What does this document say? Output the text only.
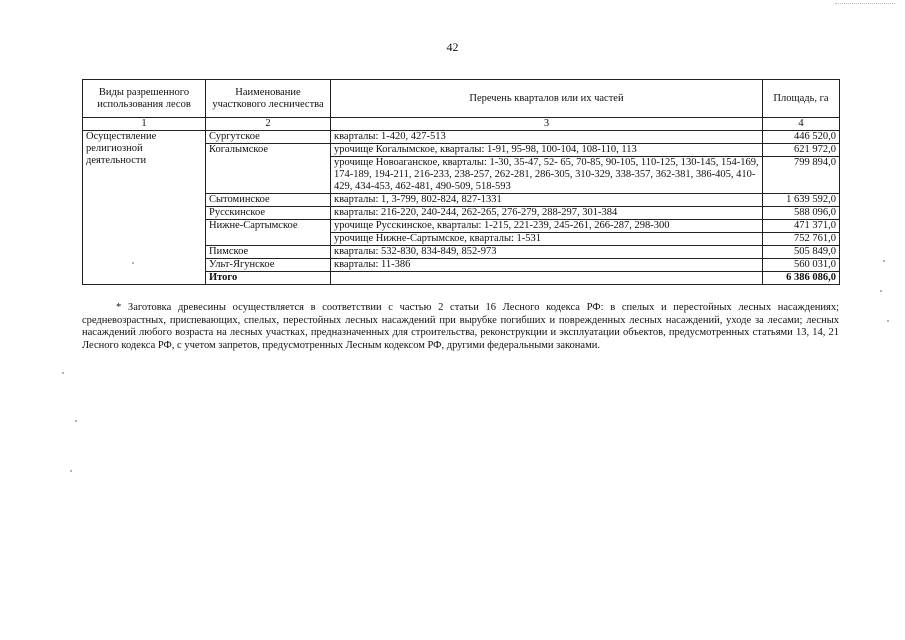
42
Виды разрешенного использования лесов	Наименование участкового лесничества	Перечень кварталов или их частей	Площадь, га
1	2	3	4
Осуществление религиозной деятельности	Сургутское	кварталы: 1-420, 427-513	446 520,0
	Когалымское	урочище Когалымское, кварталы: 1-91, 95-98, 100-104, 108-110, 113	621 972,0
		урочище Новоаганское, кварталы: 1-30, 35-47, 52- 65, 70-85, 90-105, 110-125, 130-145, 154-169, 174-189, 194-211, 216-233, 238-257, 262-281, 286-305, 310-329, 338-357, 362-381, 386-405, 410-429, 434-453, 462-481, 490-509, 518-593	799 894,0
	Сытоминское	кварталы: 1, 3-799, 802-824, 827-1331	1 639 592,0
	Русскинское	кварталы: 216-220, 240-244, 262-265, 276-279, 288-297, 301-384	588 096,0
	Нижне-Сартымское	урочище Русскинское, кварталы: 1-215, 221-239, 245-261, 266-287, 298-300	471 371,0
		урочище Нижне-Сартымское, кварталы: 1-531	752 761,0
	Пимское	кварталы: 532-830, 834-849, 852-973	505 849,0
	Ульт-Ягунское	кварталы: 11-386	560 031,0
	Итого		6 386 086,0
* Заготовка древесины осуществляется в соответствии с частью 2 статьи 16 Лесного кодекса РФ: в спелых и перестойных лесных насаждениях; средневозрастных, приспевающих, спелых, перестойных лесных насаждений при вырубке погибших и поврежденных лесных насаждений, уходе за лесами; лесных насаждений любого возраста на лесных участках, предназначенных для строительства, реконструкции и эксплуатации объектов, предусмотренных статьями 13, 14, 21 Лесного кодекса РФ, с учетом запретов, предусмотренных Лесным кодексом РФ, другими федеральными законами.
